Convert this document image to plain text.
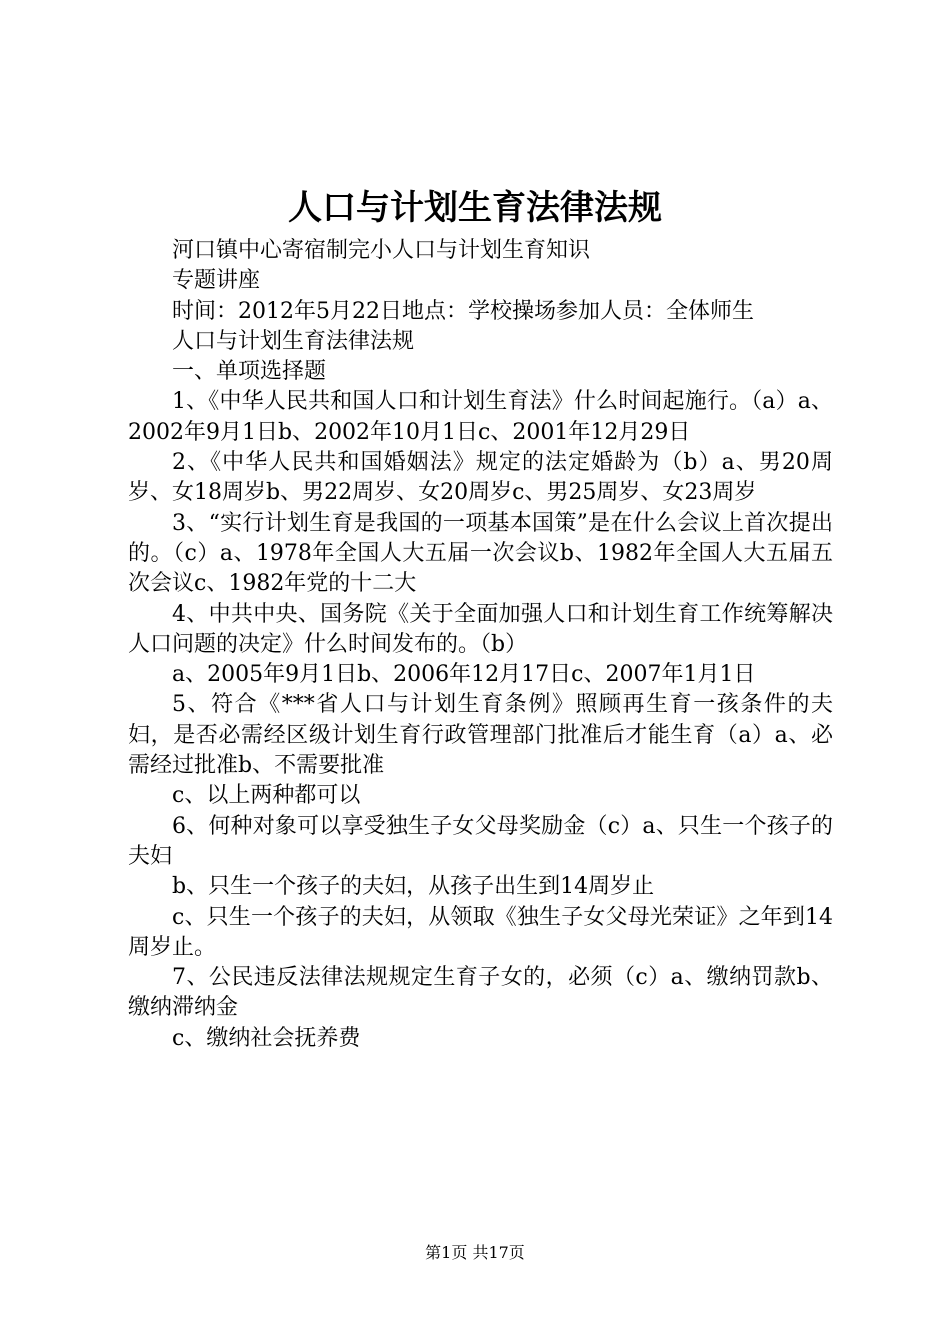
人口与计划生育法律法规

河口镇中心寄宿制完小人口与计划生育知识

专题讲座

时间：2012年5月22日地点：学校操场参加人员：全体师生

人口与计划生育法律法规

一、单项选择题

1、《中华人民共和国人口和计划生育法》什么时间起施行。（a）a、2002年9月1日b、2002年10月1日c、2001年12月29日

2、《中华人民共和国婚姻法》规定的法定婚龄为（b）a、男20周岁、女18周岁b、男22周岁、女20周岁c、男25周岁、女23周岁

3、“实行计划生育是我国的一项基本国策”是在什么会议上首次提出的。（c）a、1978年全国人大五届一次会议b、1982年全国人大五届五次会议c、1982年党的十二大

4、中共中央、国务院《关于全面加强人口和计划生育工作统筹解决人口问题的决定》什么时间发布的。（b）

a、2005年9月1日b、2006年12月17日c、2007年1月1日

5、符合《***省人口与计划生育条例》照顾再生育一孩条件的夫妇，是否必需经区级计划生育行政管理部门批准后才能生育（a）a、必需经过批准b、不需要批准

c、以上两种都可以

6、何种对象可以享受独生子女父母奖励金（c）a、只生一个孩子的夫妇

b、只生一个孩子的夫妇，从孩子出生到14周岁止

c、只生一个孩子的夫妇，从领取《独生子女父母光荣证》之年到14周岁止。

7、公民违反法律法规规定生育子女的，必须（c）a、缴纳罚款b、缴纳滞纳金

c、缴纳社会抚养费

第1页 共17页
